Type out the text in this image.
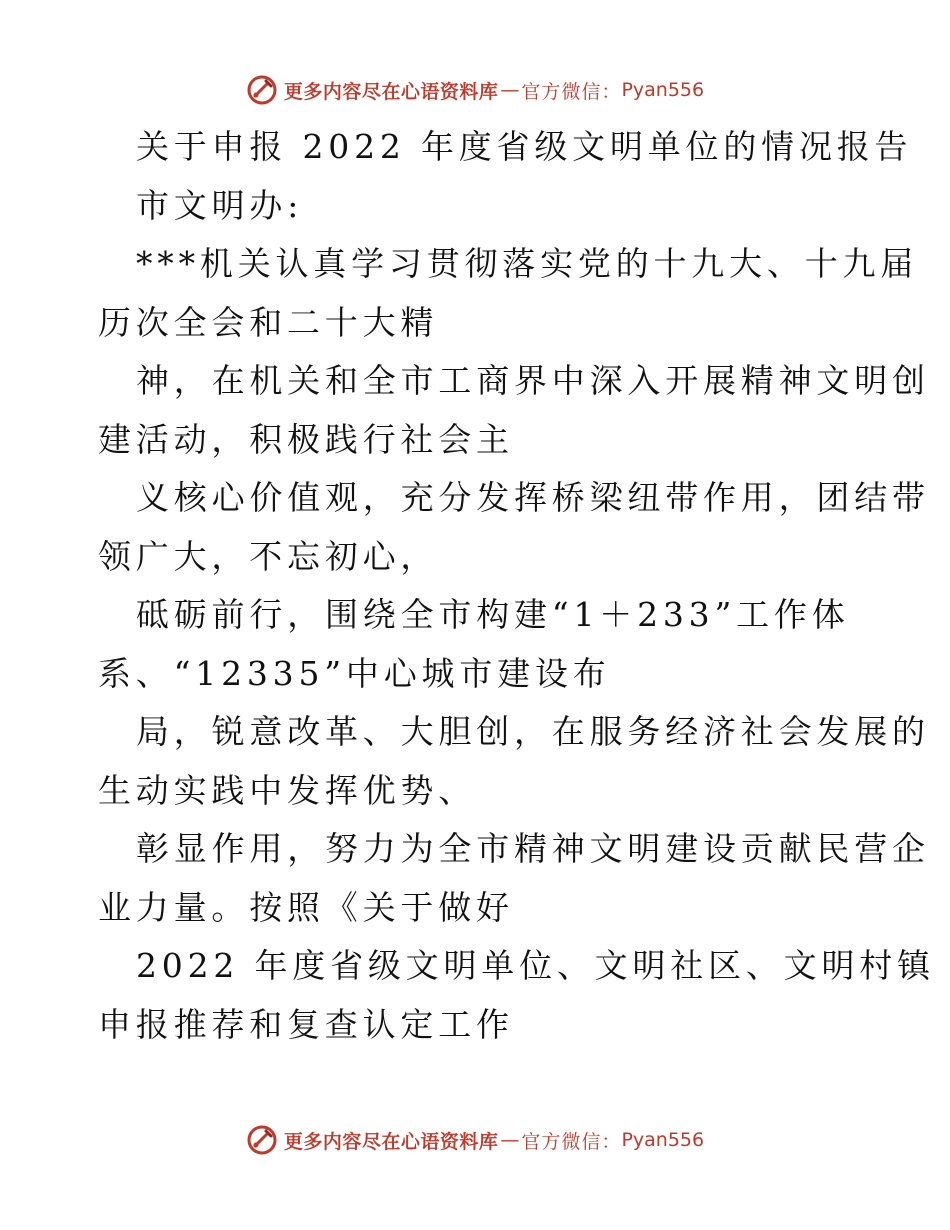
更多内容尽在心语资料库 — 官方微信： Pyan556
关于申报 2022 年度省级文明单位的情况报告
市文明办:
***机关认真学习贯彻落实党的十九大、十九届
历次全会和二十大精
神，在机关和全市工商界中深入开展精神文明创
建活动，积极践行社会主
义核心价值观，充分发挥桥梁纽带作用，团结带
领广大，不忘初心，
砥砺前行，围绕全市构建“1＋233”工作体
系、“12335”中心城市建设布
局，锐意改革、大胆创，在服务经济社会发展的
生动实践中发挥优势、
彰显作用，努力为全市精神文明建设贡献民营企
业力量。按照《关于做好
2022 年度省级文明单位、文明社区、文明村镇
申报推荐和复查认定工作
更多内容尽在心语资料库 — 官方微信： Pyan556
